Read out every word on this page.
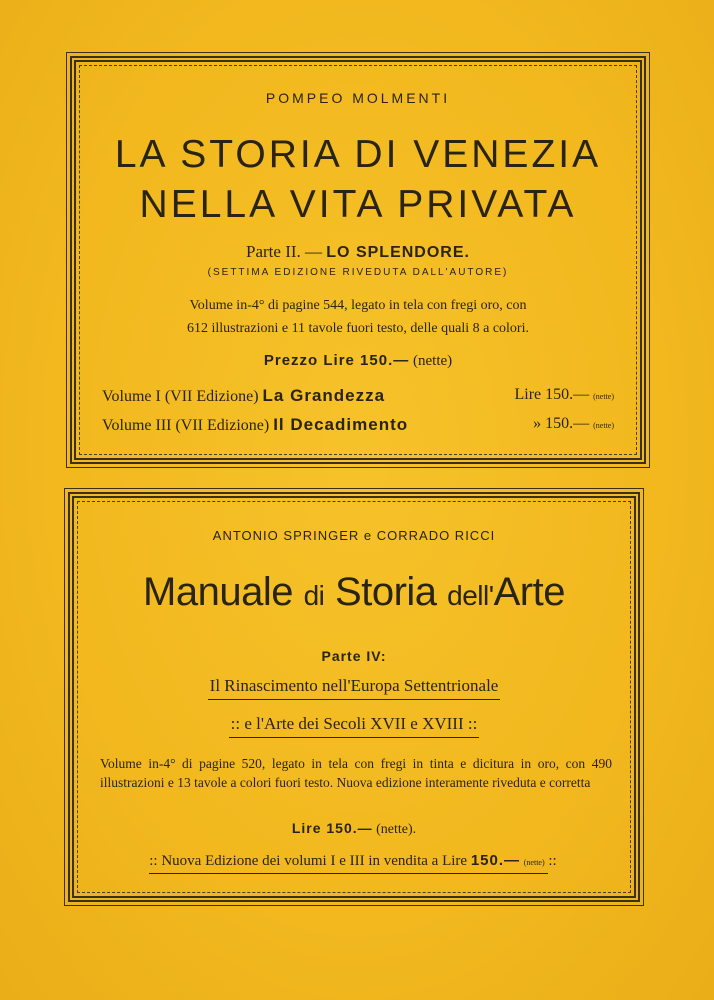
POMPEO MOLMENTI
LA STORIA DI VENEZIA
NELLA VITA PRIVATA
Parte II. — LO SPLENDORE.
(SETTIMA EDIZIONE RIVEDUTA DALL'AUTORE)
Volume in-4° di pagine 544, legato in tela con fregi oro, con
612 illustrazioni e 11 tavole fuori testo, delle quali 8 a colori.
Prezzo Lire 150.— (nette)
Volume I (VII Edizione) La Grandezza	Lire 150.— (nette)
Volume III (VII Edizione) Il Decadimento	» 150.— (nette)
ANTONIO SPRINGER e CORRADO RICCI
Manuale di Storia dell'Arte
Parte IV:
Il Rinascimento nell'Europa Settentrionale
:: e l'Arte dei Secoli XVII e XVIII ::
Volume in-4° di pagine 520, legato in tela con fregi in tinta e dicitura in oro, con 490 illustrazioni e 13 tavole a colori fuori testo. Nuova edizione interamente riveduta e corretta
Lire 150.— (nette).
:: Nuova Edizione dei volumi I e III in vendita a Lire 150.— (nette) ::
